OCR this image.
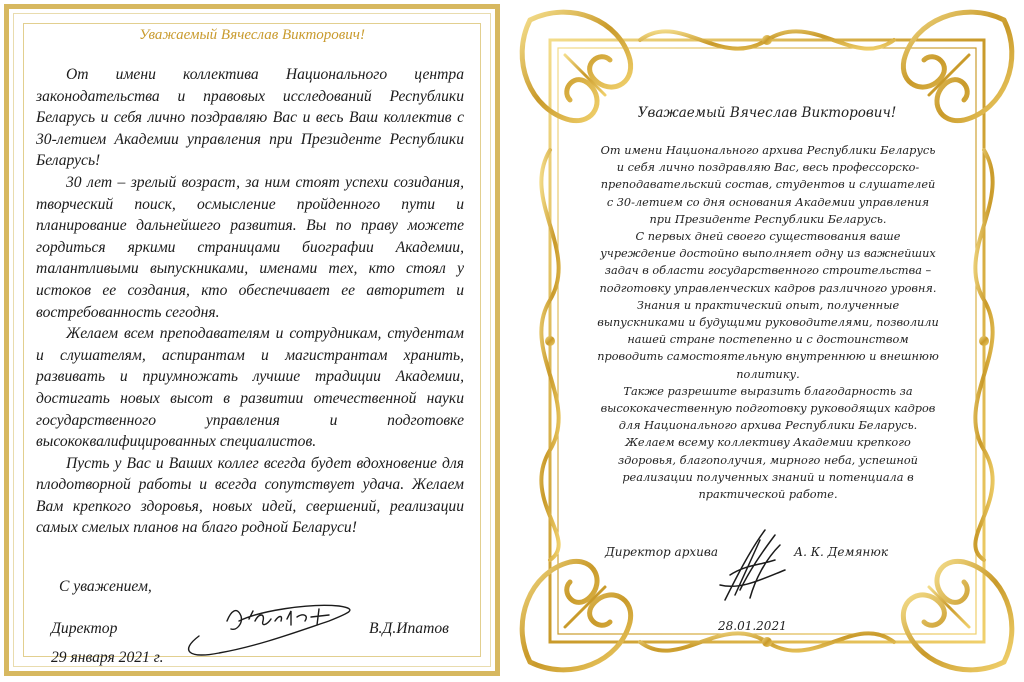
Уважаемый Вячеслав Викторович!

От имени коллектива Национального центра законодательства и правовых исследований Республики Беларусь и себя лично поздравляю Вас и весь Ваш коллектив с 30-летием Академии управления при Президенте Республики Беларусь!

30 лет – зрелый возраст, за ним стоят успехи созидания, творческий поиск, осмысление пройденного пути и планирование дальнейшего развития. Вы по праву можете гордиться яркими страницами биографии Академии, талантливыми выпускниками, именами тех, кто стоял у истоков ее создания, кто обеспечивает ее авторитет и востребованность сегодня.

Желаем всем преподавателям и сотрудникам, студентам и слушателям, аспирантам и магистрантам хранить, развивать и приумножать лучшие традиции Академии, достигать новых высот в развитии отечественной науки государственного управления и подготовке высококвалифицированных специалистов.

Пусть у Вас и Ваших коллег всегда будет вдохновение для плодотворной работы и всегда сопутствует удача. Желаем Вам крепкого здоровья, новых идей, свершений, реализации самых смелых планов на благо родной Беларуси!

С уважением,
Директор
29 января 2021 г.
В.Д.Ипатов
Уважаемый Вячеслав Викторович!

От имени Национального архива Республики Беларусь и себя лично поздравляю Вас, весь профессорско-преподавательский состав, студентов и слушателей с 30-летием со дня основания Академии управления при Президенте Республики Беларусь.

С первых дней своего существования ваше учреждение достойно выполняет одну из важнейших задач в области государственного строительства – подготовку управленческих кадров различного уровня. Знания и практический опыт, полученные выпускниками и будущими руководителями, позволили нашей стране постепенно и с достоинством проводить самостоятельную внутреннюю и внешнюю политику.

Также разрешите выразить благодарность за высококачественную подготовку руководящих кадров для Национального архива Республики Беларусь.

Желаем всему коллективу Академии крепкого здоровья, благополучия, мирного неба, успешной реализации полученных знаний и потенциала в практической работе.

Директор архива	А. К. Демянюк
28.01.2021
